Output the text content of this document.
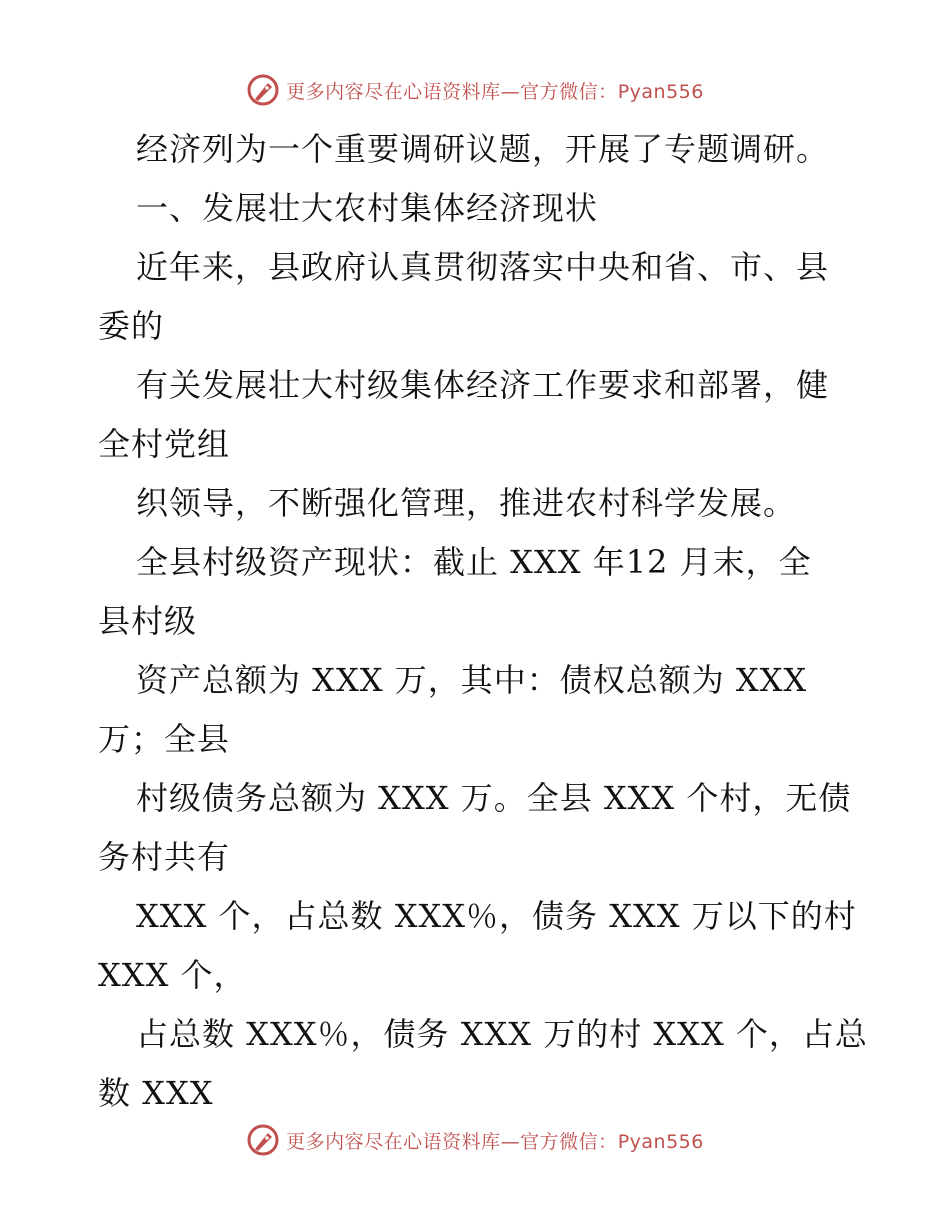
更多内容尽在心语资料库—官方微信：Pyan556
经济列为一个重要调研议题，开展了专题调研。
一、发展壮大农村集体经济现状
近年来，县政府认真贯彻落实中央和省、市、县
委的
有关发展壮大村级集体经济工作要求和部署，健
全村党组
织领导，不断强化管理，推进农村科学发展。
全县村级资产现状：截止 XXX 年12 月末，全
县村级
资产总额为 XXX 万，其中：债权总额为 XXX
万；全县
村级债务总额为 XXX 万。全县 XXX 个村，无债
务村共有
XXX 个，占总数 XXX％，债务 XXX 万以下的村
XXX 个，
占总数 XXX％，债务 XXX 万的村 XXX 个，占总
数 XXX
更多内容尽在心语资料库—官方微信：Pyan556
